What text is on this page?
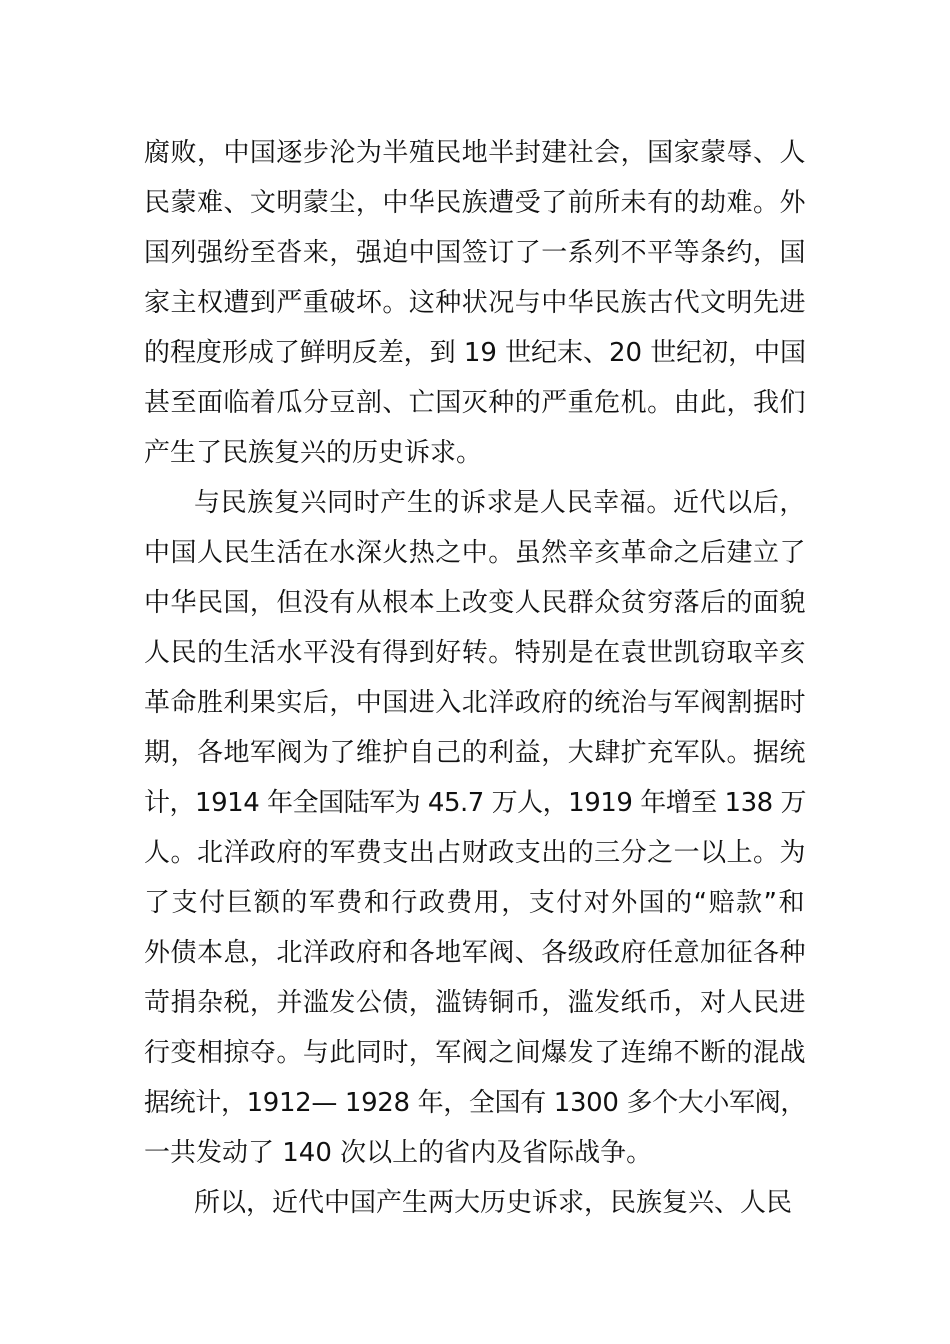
腐败，中国逐步沦为半殖民地半封建社会，国家蒙辱、人
民蒙难、文明蒙尘，中华民族遭受了前所未有的劫难。外
国列强纷至沓来，强迫中国签订了一系列不平等条约，国
家主权遭到严重破坏。这种状况与中华民族古代文明先进
的程度形成了鲜明反差，到 19 世纪末、20 世纪初，中国
甚至面临着瓜分豆剖、亡国灭种的严重危机。由此，我们
产生了民族复兴的历史诉求。
与民族复兴同时产生的诉求是人民幸福。近代以后，
中国人民生活在水深火热之中。虽然辛亥革命之后建立了
中华民国，但没有从根本上改变人民群众贫穷落后的面貌
人民的生活水平没有得到好转。特别是在袁世凯窃取辛亥
革命胜利果实后，中国进入北洋政府的统治与军阀割据时
期，各地军阀为了维护自己的利益，大肆扩充军队。据统
计，1914 年全国陆军为 45.7 万人，1919 年增至 138 万
人。北洋政府的军费支出占财政支出的三分之一以上。为
了支付巨额的军费和行政费用，支付对外国的“赔款”和
外债本息，北洋政府和各地军阀、各级政府任意加征各种
苛捐杂税，并滥发公债，滥铸铜币，滥发纸币，对人民进
行变相掠夺。与此同时，军阀之间爆发了连绵不断的混战
据统计，1912— 1928 年，全国有 1300 多个大小军阀，
一共发动了 140 次以上的省内及省际战争。
所以，近代中国产生两大历史诉求，民族复兴、人民
